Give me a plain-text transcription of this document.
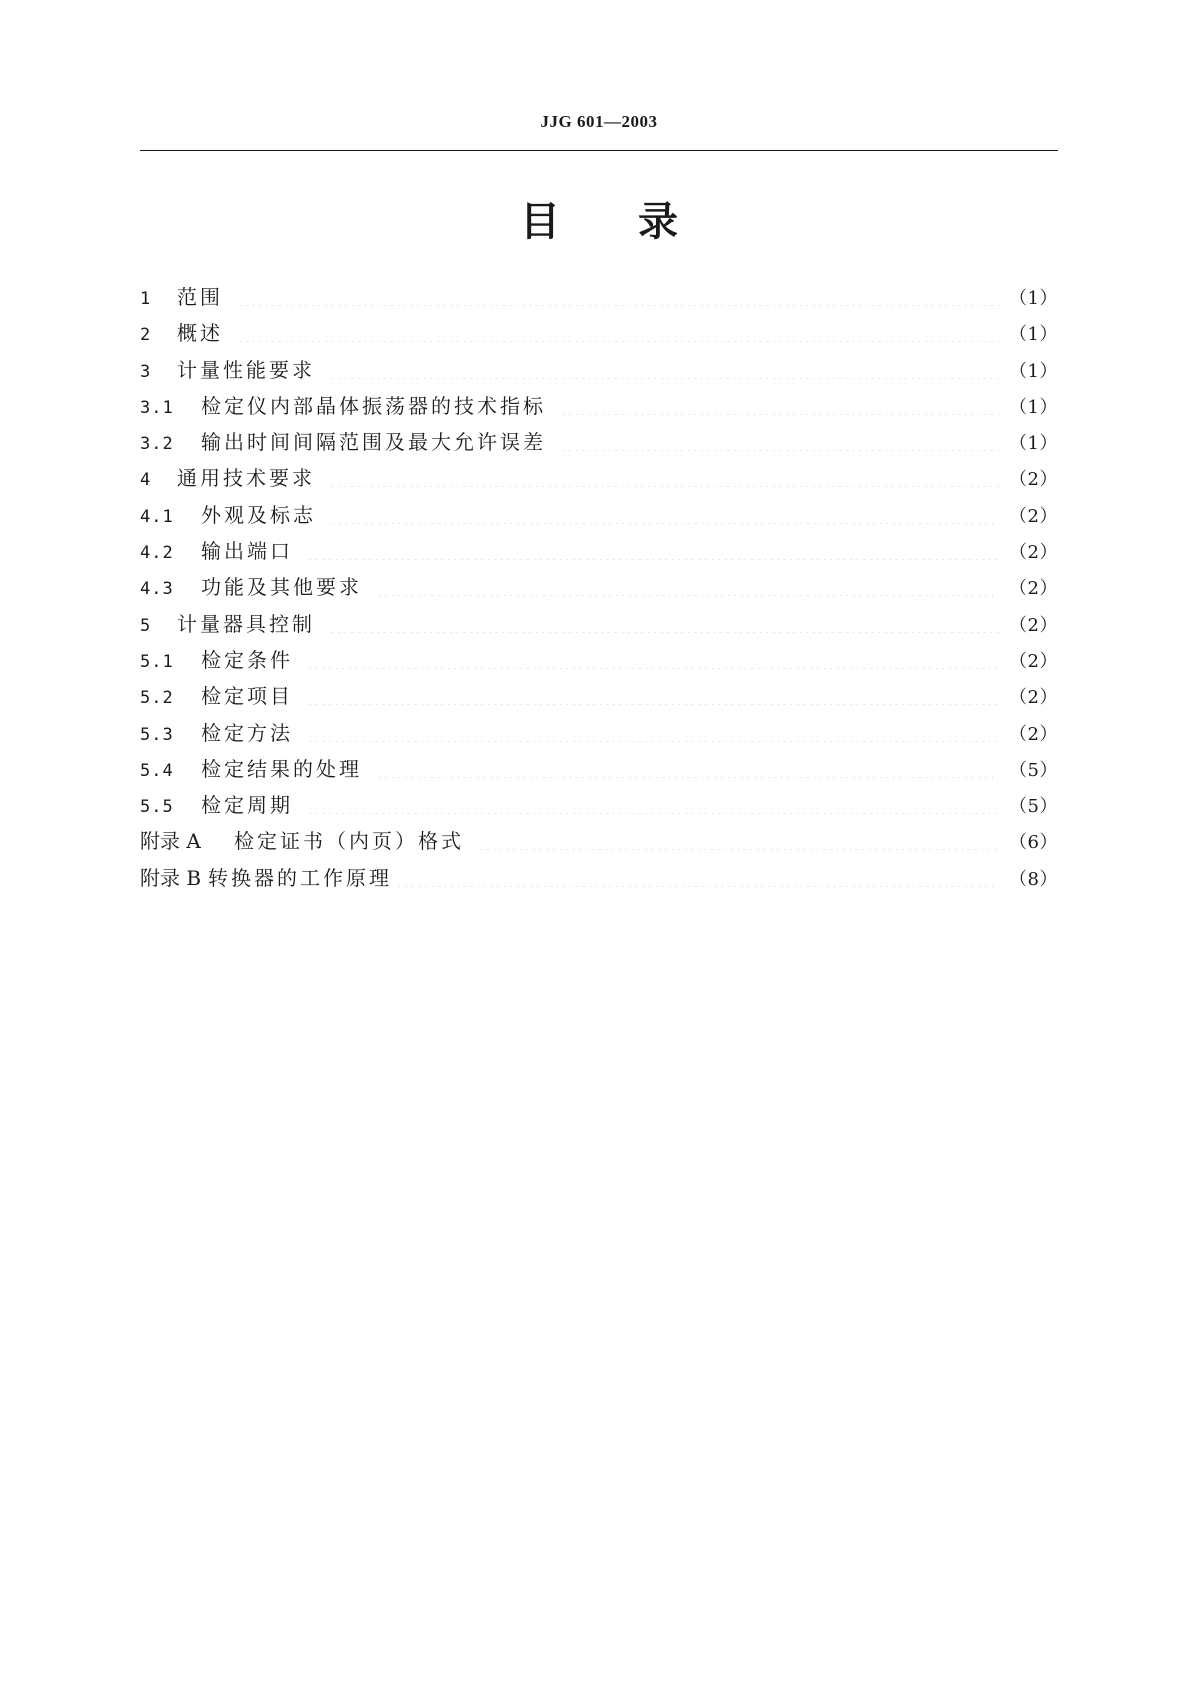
JJG 601—2003
目 录
1	范围	（1）
2	概述	（1）
3	计量性能要求	（1）
3.1	检定仪内部晶体振荡器的技术指标	（1）
3.2	输出时间间隔范围及最大允许误差	（1）
4	通用技术要求	（2）
4.1	外观及标志	（2）
4.2	输出端口	（2）
4.3	功能及其他要求	（2）
5	计量器具控制	（2）
5.1	检定条件	（2）
5.2	检定项目	（2）
5.3	检定方法	（2）
5.4	检定结果的处理	（5）
5.5	检定周期	（5）
附录 A	检定证书（内页）格式	（6）
附录 B 转换器的工作原理	（8）
